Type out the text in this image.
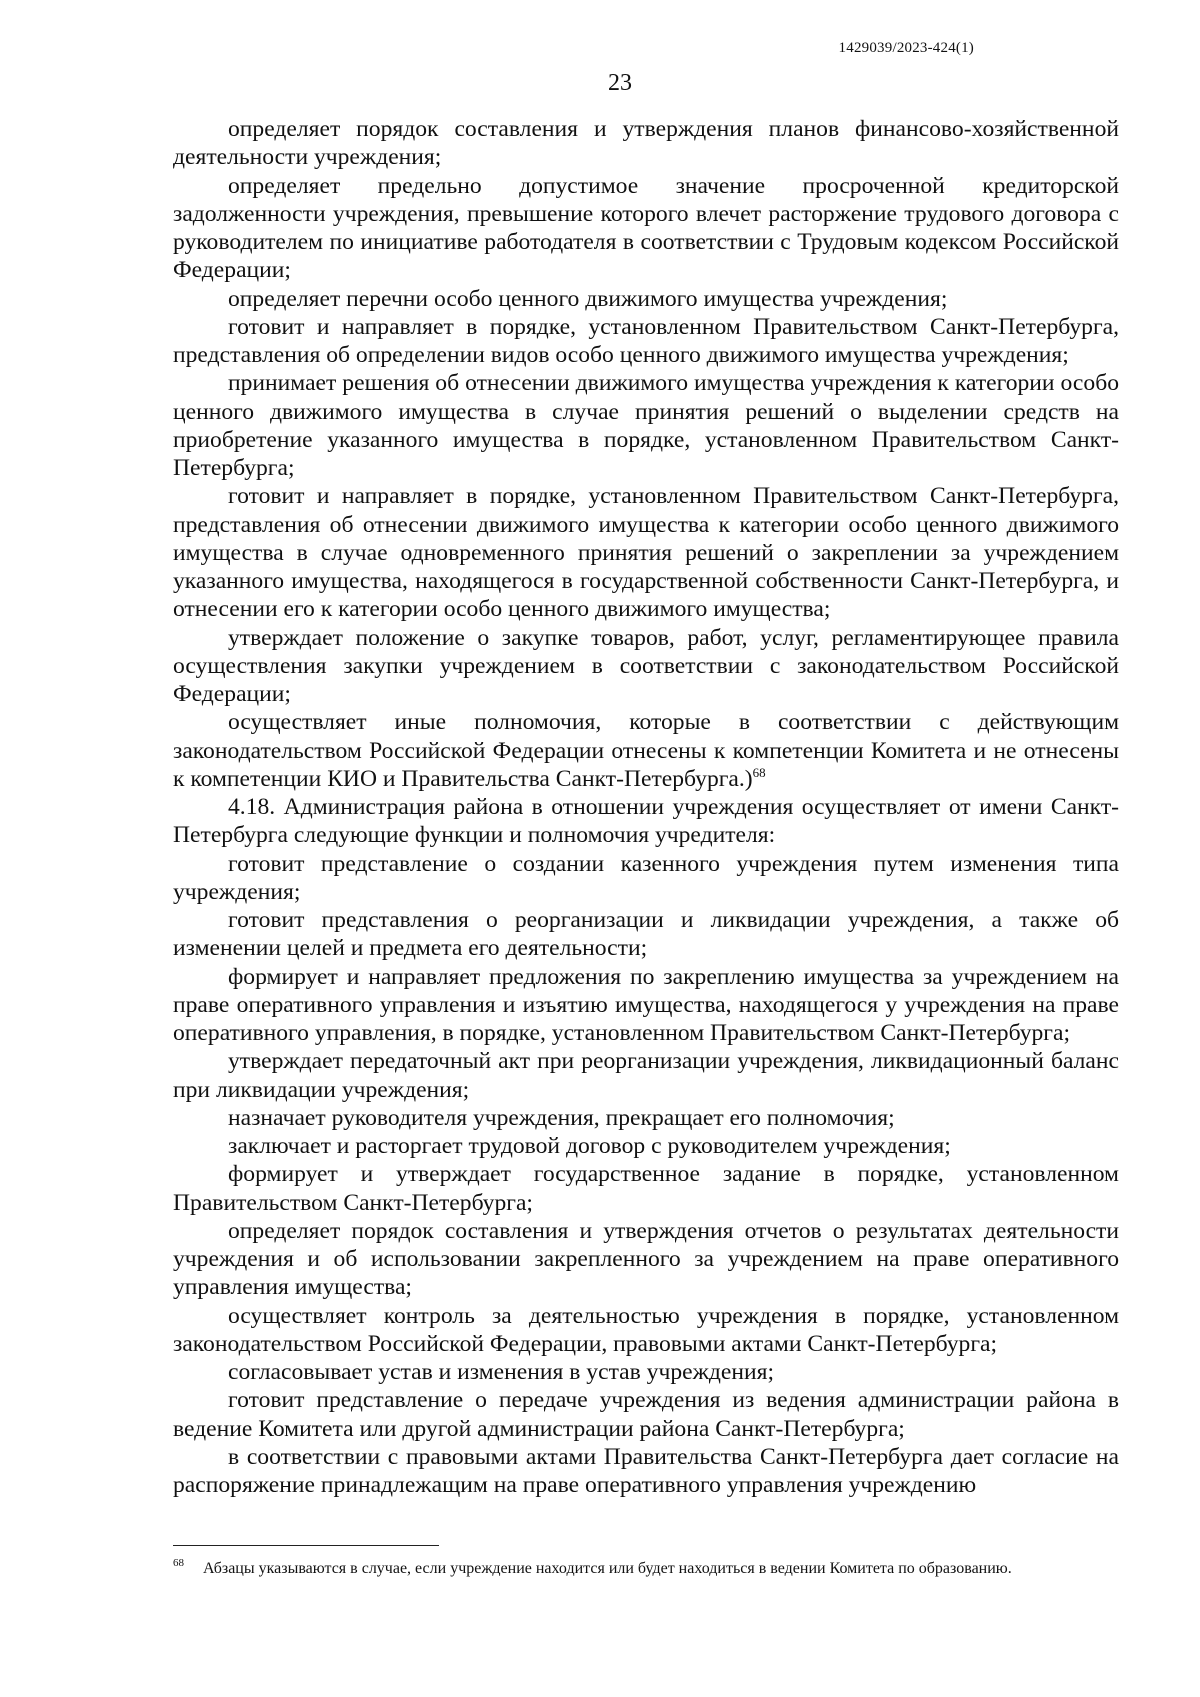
1429039/2023-424(1)
23

определяет порядок составления и утверждения планов финансово-хозяйственной деятельности учреждения;

определяет предельно допустимое значение просроченной кредиторской задолженности учреждения, превышение которого влечет расторжение трудового договора с руководителем по инициативе работодателя в соответствии с Трудовым кодексом Российской Федерации;

определяет перечни особо ценного движимого имущества учреждения;

готовит и направляет в порядке, установленном Правительством Санкт-Петербурга, представления об определении видов особо ценного движимого имущества учреждения;

принимает решения об отнесении движимого имущества учреждения к категории особо ценного движимого имущества в случае принятия решений о выделении средств на приобретение указанного имущества в порядке, установленном Правительством Санкт-Петербурга;

готовит и направляет в порядке, установленном Правительством Санкт-Петербурга, представления об отнесении движимого имущества к категории особо ценного движимого имущества в случае одновременного принятия решений о закреплении за учреждением указанного имущества, находящегося в государственной собственности Санкт-Петербурга, и отнесении его к категории особо ценного движимого имущества;

утверждает положение о закупке товаров, работ, услуг, регламентирующее правила осуществления закупки учреждением в соответствии с законодательством Российской Федерации;

осуществляет иные полномочия, которые в соответствии с действующим законодательством Российской Федерации отнесены к компетенции Комитета и не отнесены к компетенции КИО и Правительства Санкт-Петербурга.)$^{68}$

4.18. Администрация района в отношении учреждения осуществляет от имени Санкт-Петербурга следующие функции и полномочия учредителя:

готовит представление о создании казенного учреждения путем изменения типа учреждения;

готовит представления о реорганизации и ликвидации учреждения, а также об изменении целей и предмета его деятельности;

формирует и направляет предложения по закреплению имущества за учреждением на праве оперативного управления и изъятию имущества, находящегося у учреждения на праве оперативного управления, в порядке, установленном Правительством Санкт-Петербурга;

утверждает передаточный акт при реорганизации учреждения, ликвидационный баланс при ликвидации учреждения;

назначает руководителя учреждения, прекращает его полномочия;

заключает и расторгает трудовой договор с руководителем учреждения;

формирует и утверждает государственное задание в порядке, установленном Правительством Санкт-Петербурга;

определяет порядок составления и утверждения отчетов о результатах деятельности учреждения и об использовании закрепленного за учреждением на праве оперативного управления имущества;

осуществляет контроль за деятельностью учреждения в порядке, установленном законодательством Российской Федерации, правовыми актами Санкт-Петербурга;

согласовывает устав и изменения в устав учреждения;

готовит представление о передаче учреждения из ведения администрации района в ведение Комитета или другой администрации района Санкт-Петербурга;

в соответствии с правовыми актами Правительства Санкт-Петербурга дает согласие на распоряжение принадлежащим на праве оперативного управления учреждению

68	Абзацы указываются в случае, если учреждение находится или будет находиться в ведении Комитета по образованию.
